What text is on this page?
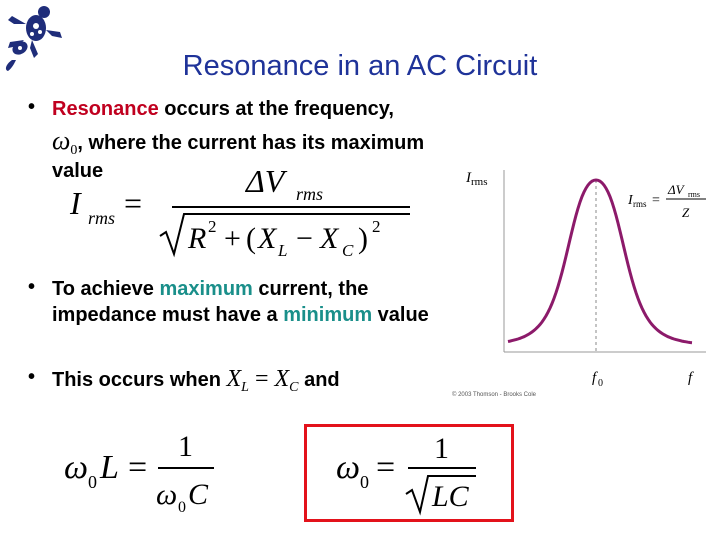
Resonance in an AC Circuit
• Resonance occurs at the frequency,
$\omega_0$, where the current has its maximum
value
I rms =
ΔV rms
R 2 + ( X L − X C ) 2
• To achieve maximum current, the
impedance must have a minimum value
• This occurs when $X_L = X_C$ and
I rms
f 0	f
I rms =
ΔV rms
Z
© 2003 Thomson - Brooks Cole
ω 0 L =
1
ω 0 C
ω 0 =
1
LC
